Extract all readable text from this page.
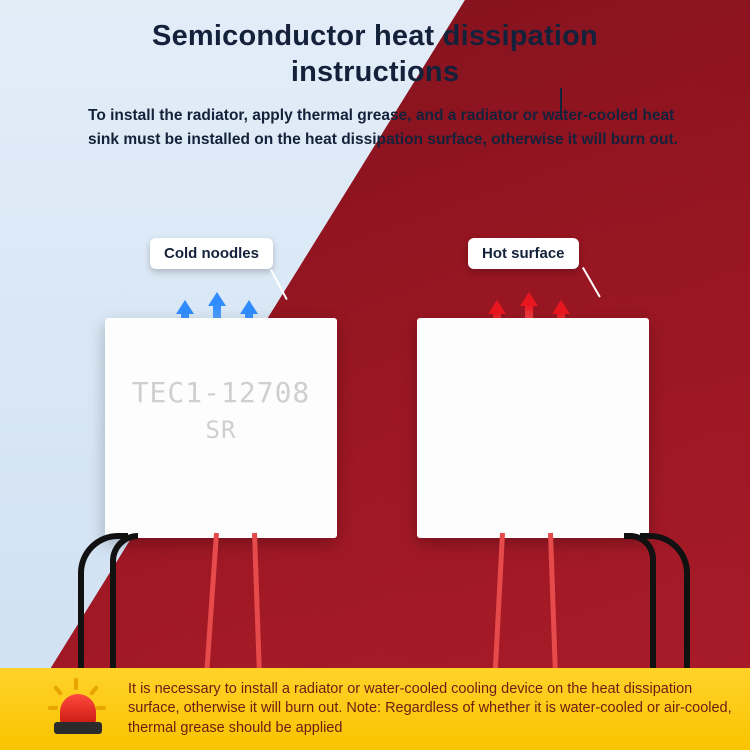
Semiconductor heat dissipation
instructions
To install the radiator, apply thermal grease, and a radiator or water-cooled heat sink must be installed on the heat dissipation surface, otherwise it will burn out.
Cold noodles
TEC1-12708
SR
Hot surface
It is necessary to install a radiator or water-cooled cooling device on the heat dissipation surface, otherwise it will burn out. Note: Regardless of whether it is water-cooled or air-cooled, thermal grease should be applied
